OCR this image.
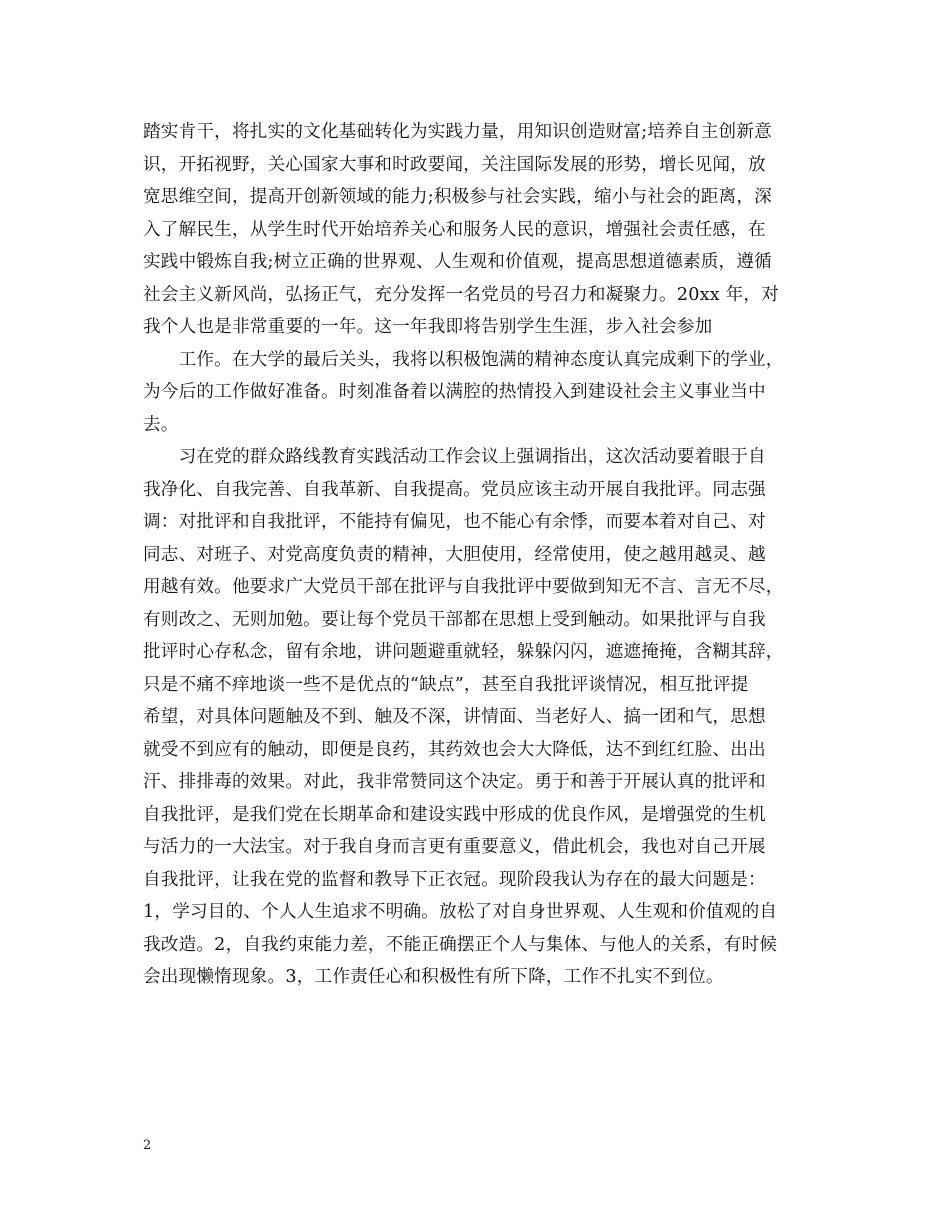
踏实肯干，将扎实的文化基础转化为实践力量，用知识创造财富;培养自主创新意
识，开拓视野，关心国家大事和时政要闻，关注国际发展的形势，增长见闻，放
宽思维空间，提高开创新领域的能力;积极参与社会实践，缩小与社会的距离，深
入了解民生，从学生时代开始培养关心和服务人民的意识，增强社会责任感，在
实践中锻炼自我;树立正确的世界观、人生观和价值观，提高思想道德素质，遵循
社会主义新风尚，弘扬正气，充分发挥一名党员的号召力和凝聚力。20xx 年，对
我个人也是非常重要的一年。这一年我即将告别学生生涯，步入社会参加
　　工作。在大学的最后关头，我将以积极饱满的精神态度认真完成剩下的学业，
为今后的工作做好准备。时刻准备着以满腔的热情投入到建设社会主义事业当中
去。
　　习在党的群众路线教育实践活动工作会议上强调指出，这次活动要着眼于自
我净化、自我完善、自我革新、自我提高。党员应该主动开展自我批评。同志强
调：对批评和自我批评，不能持有偏见，也不能心有余悸，而要本着对自己、对
同志、对班子、对党高度负责的精神，大胆使用，经常使用，使之越用越灵、越
用越有效。他要求广大党员干部在批评与自我批评中要做到知无不言、言无不尽，
有则改之、无则加勉。要让每个党员干部都在思想上受到触动。如果批评与自我
批评时心存私念，留有余地，讲问题避重就轻，躲躲闪闪，遮遮掩掩，含糊其辞，
只是不痛不痒地谈一些不是优点的“缺点”，甚至自我批评谈情况，相互批评提
希望，对具体问题触及不到、触及不深，讲情面、当老好人、搞一团和气，思想
就受不到应有的触动，即便是良药，其药效也会大大降低，达不到红红脸、出出
汗、排排毒的效果。对此，我非常赞同这个决定。勇于和善于开展认真的批评和
自我批评，是我们党在长期革命和建设实践中形成的优良作风，是增强党的生机
与活力的一大法宝。对于我自身而言更有重要意义，借此机会，我也对自己开展
自我批评，让我在党的监督和教导下正衣冠。现阶段我认为存在的最大问题是：
1，学习目的、个人人生追求不明确。放松了对自身世界观、人生观和价值观的自
我改造。2，自我约束能力差，不能正确摆正个人与集体、与他人的关系，有时候
会出现懒惰现象。3，工作责任心和积极性有所下降，工作不扎实不到位。
2
